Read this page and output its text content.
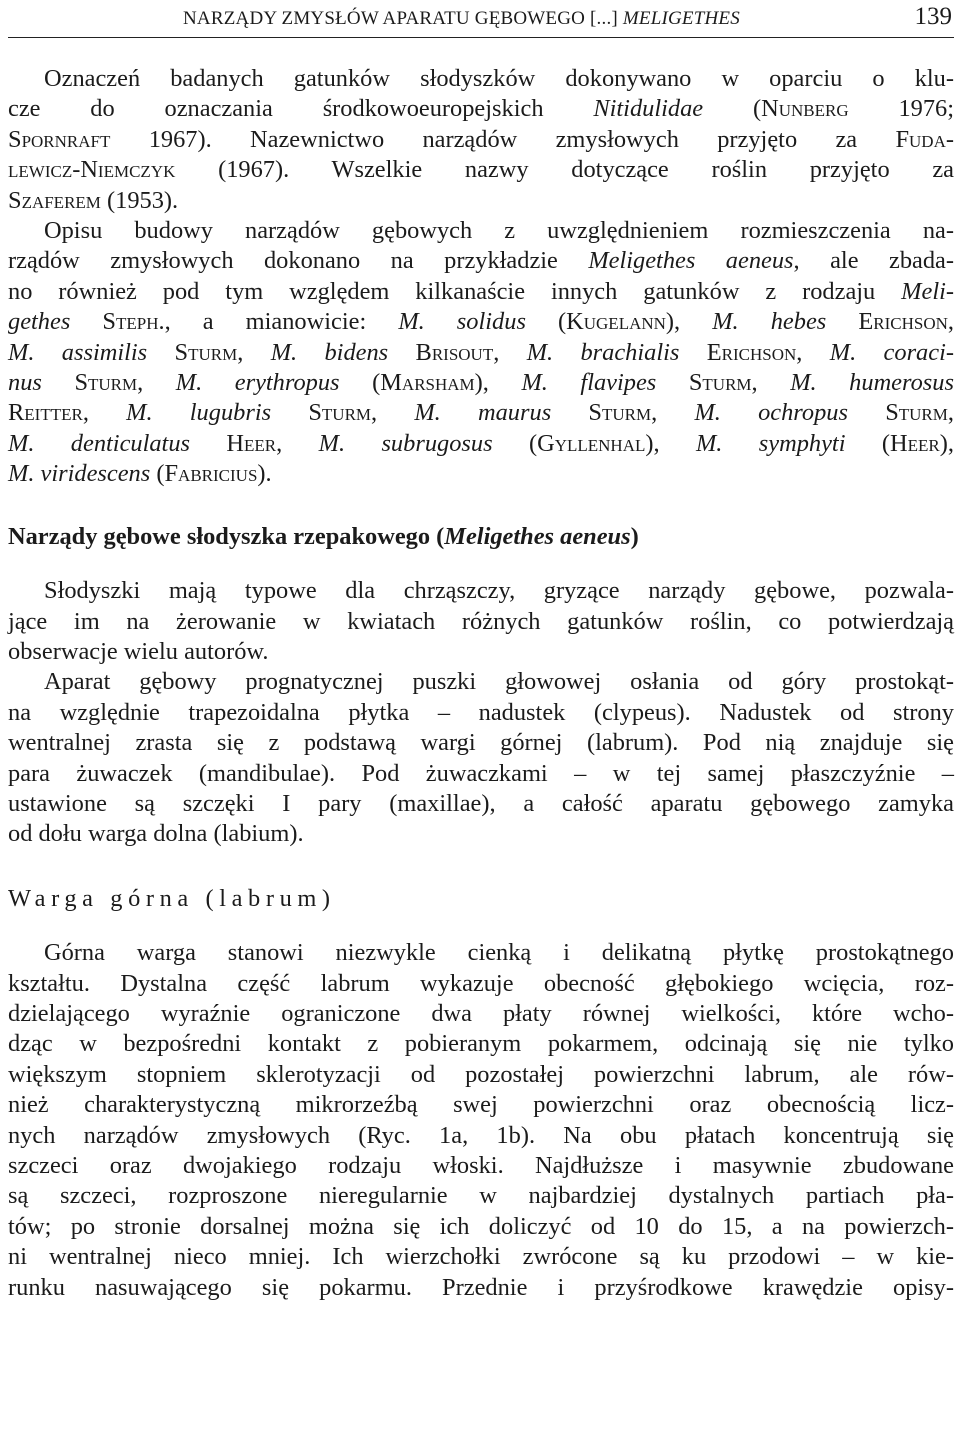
NARZĄDY ZMYSŁÓW APARATU GĘBOWEGO [...] MELIGETHES	139

Oznaczeń badanych gatunków słodyszków dokonywano w oparciu o klu-

cze do oznaczania środkowoeuropejskich Nitidulidae (Nunberg 1976;

Spornraft 1967). Nazewnictwo narządów zmysłowych przyjęto za Fuda-

lewicz-Niemczyk (1967). Wszelkie nazwy dotyczące roślin przyjęto za

Szaferem (1953).

Opisu budowy narządów gębowych z uwzględnieniem rozmieszczenia na-

rządów zmysłowych dokonano na przykładzie Meligethes aeneus, ale zbada-

no również pod tym względem kilkanaście innych gatunków z rodzaju Meli-

gethes Steph., a mianowicie: M. solidus (Kugelann), M. hebes Erichson,

M. assimilis Sturm, M. bidens Brisout, M. brachialis Erichson, M. coraci-

nus Sturm, M. erythropus (Marsham), M. flavipes Sturm, M. humerosus

Reitter, M. lugubris Sturm, M. maurus Sturm, M. ochropus Sturm,

M. denticulatus Heer, M. subrugosus (Gyllenhal), M. symphyti (Heer),

M. viridescens (Fabricius).

Narządy gębowe słodyszka rzepakowego (Meligethes aeneus)

Słodyszki mają typowe dla chrząszczy, gryzące narządy gębowe, pozwala-

jące im na żerowanie w kwiatach różnych gatunków roślin, co potwierdzają

obserwacje wielu autorów.

Aparat gębowy prognatycznej puszki głowowej osłania od góry prostokąt-

na względnie trapezoidalna płytka – nadustek (clypeus). Nadustek od strony

wentralnej zrasta się z podstawą wargi górnej (labrum). Pod nią znajduje się

para żuwaczek (mandibulae). Pod żuwaczkami – w tej samej płaszczyźnie –

ustawione są szczęki I pary (maxillae), a całość aparatu gębowego zamyka

od dołu warga dolna (labium).

Warga górna (labrum)

Górna warga stanowi niezwykle cienką i delikatną płytkę prostokątnego

kształtu. Dystalna część labrum wykazuje obecność głębokiego wcięcia, roz-

dzielającego wyraźnie ograniczone dwa płaty równej wielkości, które wcho-

dząc w bezpośredni kontakt z pobieranym pokarmem, odcinają się nie tylko

większym stopniem sklerotyzacji od pozostałej powierzchni labrum, ale rów-

nież charakterystyczną mikrorzeźbą swej powierzchni oraz obecnością licz-

nych narządów zmysłowych (Ryc. 1a, 1b). Na obu płatach koncentrują się

szczeci oraz dwojakiego rodzaju włoski. Najdłuższe i masywnie zbudowane

są szczeci, rozproszone nieregularnie w najbardziej dystalnych partiach pła-

tów; po stronie dorsalnej można się ich doliczyć od 10 do 15, a na powierzch-

ni wentralnej nieco mniej. Ich wierzchołki zwrócone są ku przodowi – w kie-

runku nasuwającego się pokarmu. Przednie i przyśrodkowe krawędzie opisy-
